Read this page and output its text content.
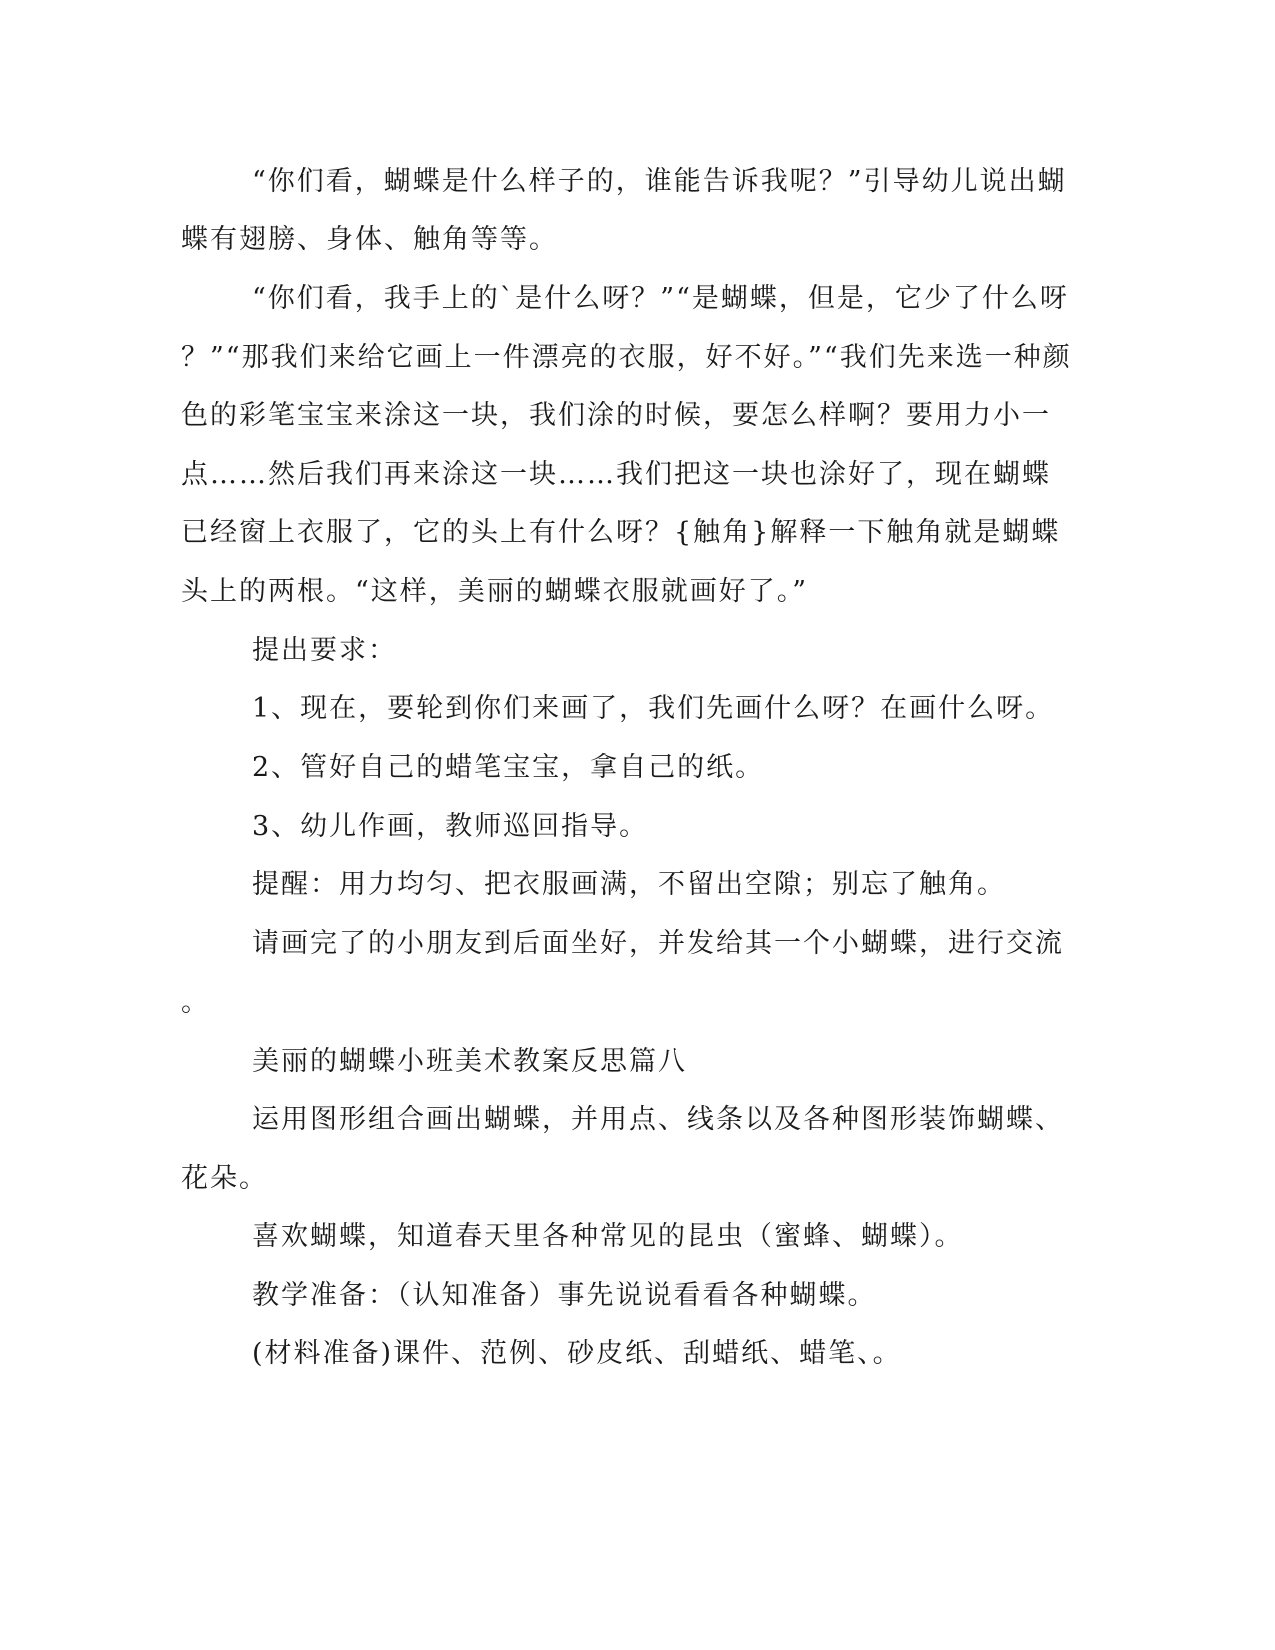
“你们看，蝴蝶是什么样子的，谁能告诉我呢？”引导幼儿说出蝴
蝶有翅膀、身体、触角等等。
“你们看，我手上的`是什么呀？”“是蝴蝶，但是，它少了什么呀
？”“那我们来给它画上一件漂亮的衣服，好不好。”“我们先来选一种颜
色的彩笔宝宝来涂这一块，我们涂的时候，要怎么样啊？要用力小一
点……然后我们再来涂这一块……我们把这一块也涂好了，现在蝴蝶
已经窗上衣服了，它的头上有什么呀？{触角}解释一下触角就是蝴蝶
头上的两根。“这样，美丽的蝴蝶衣服就画好了。”
提出要求：
1、现在，要轮到你们来画了，我们先画什么呀？在画什么呀。
2、管好自己的蜡笔宝宝，拿自己的纸。
3、幼儿作画，教师巡回指导。
提醒：用力均匀、把衣服画满，不留出空隙；别忘了触角。
请画完了的小朋友到后面坐好，并发给其一个小蝴蝶，进行交流
。
美丽的蝴蝶小班美术教案反思篇八
运用图形组合画出蝴蝶，并用点、线条以及各种图形装饰蝴蝶、
花朵。
喜欢蝴蝶，知道春天里各种常见的昆虫（蜜蜂、蝴蝶）。
教学准备：（认知准备）事先说说看看各种蝴蝶。
(材料准备)课件、范例、砂皮纸、刮蜡纸、蜡笔、。
